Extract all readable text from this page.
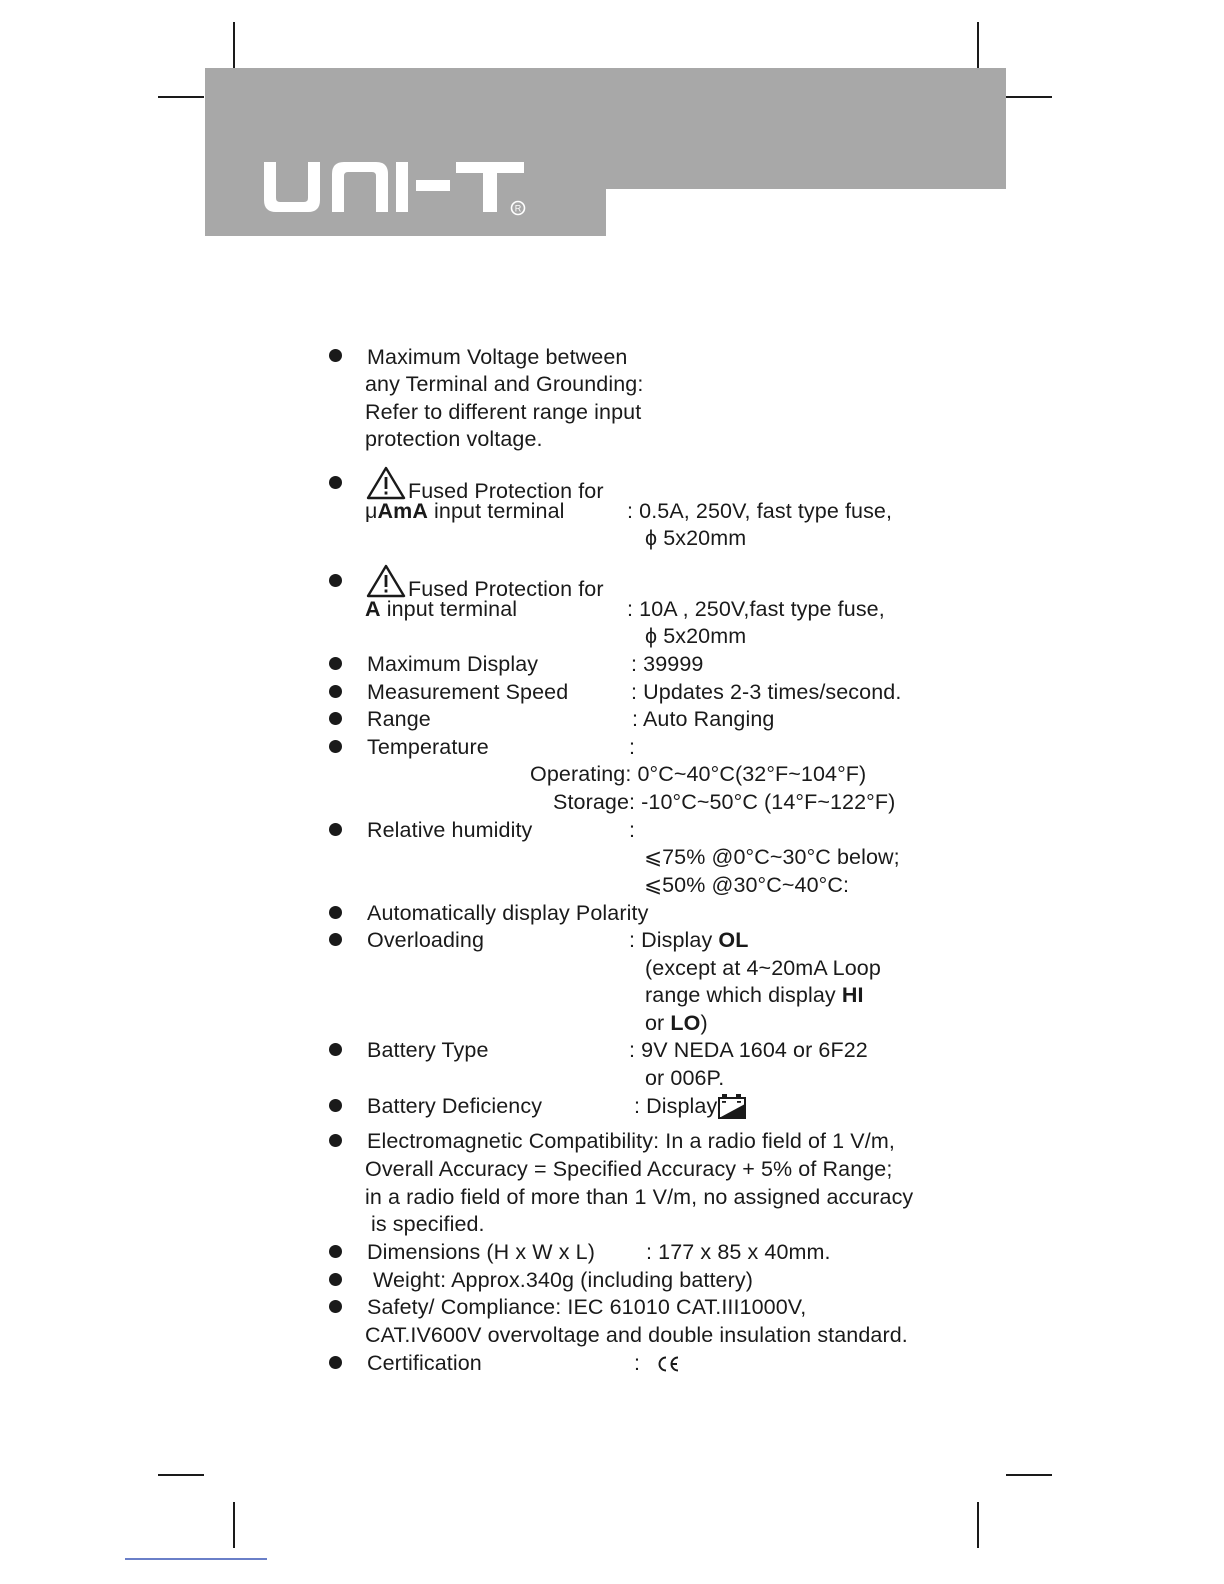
R
Maximum Voltage between
any Terminal and Grounding:
Refer to different range input
protection voltage.
Fused Protection for
μAmA input terminal	: 0.5A, 250V, fast type fuse,
ϕ 5x20mm
Fused Protection for
A input terminal	: 10A , 250V,fast type fuse,
ϕ 5x20mm
Maximum Display	: 39999
Measurement Speed	: Updates 2-3 times/second.
Range	: Auto Ranging
Temperature	:
Operating: 0°C~40°C(32°F~104°F)
Storage: -10°C~50°C (14°F~122°F)
Relative humidity	:
⩽75% @0°C~30°C below;
⩽50% @30°C~40°C:
Automatically display Polarity
Overloading	: Display OL
(except at 4~20mA Loop
range which display HI
or LO)
Battery Type	: 9V NEDA 1604 or 6F22
or 006P.
Battery Deficiency	: Display
Electromagnetic Compatibility: In a radio field of 1 V/m,
Overall Accuracy = Specified Accuracy + 5% of Range;
in a radio field of more than 1 V/m, no assigned accuracy
is specified.
Dimensions (H x W x L) : 177 x 85 x 40mm.
Weight: Approx.340g (including battery)
Safety/ Compliance: IEC 61010 CAT.III1000V,
CAT.IV600V overvoltage and double insulation standard.
Certification	:
